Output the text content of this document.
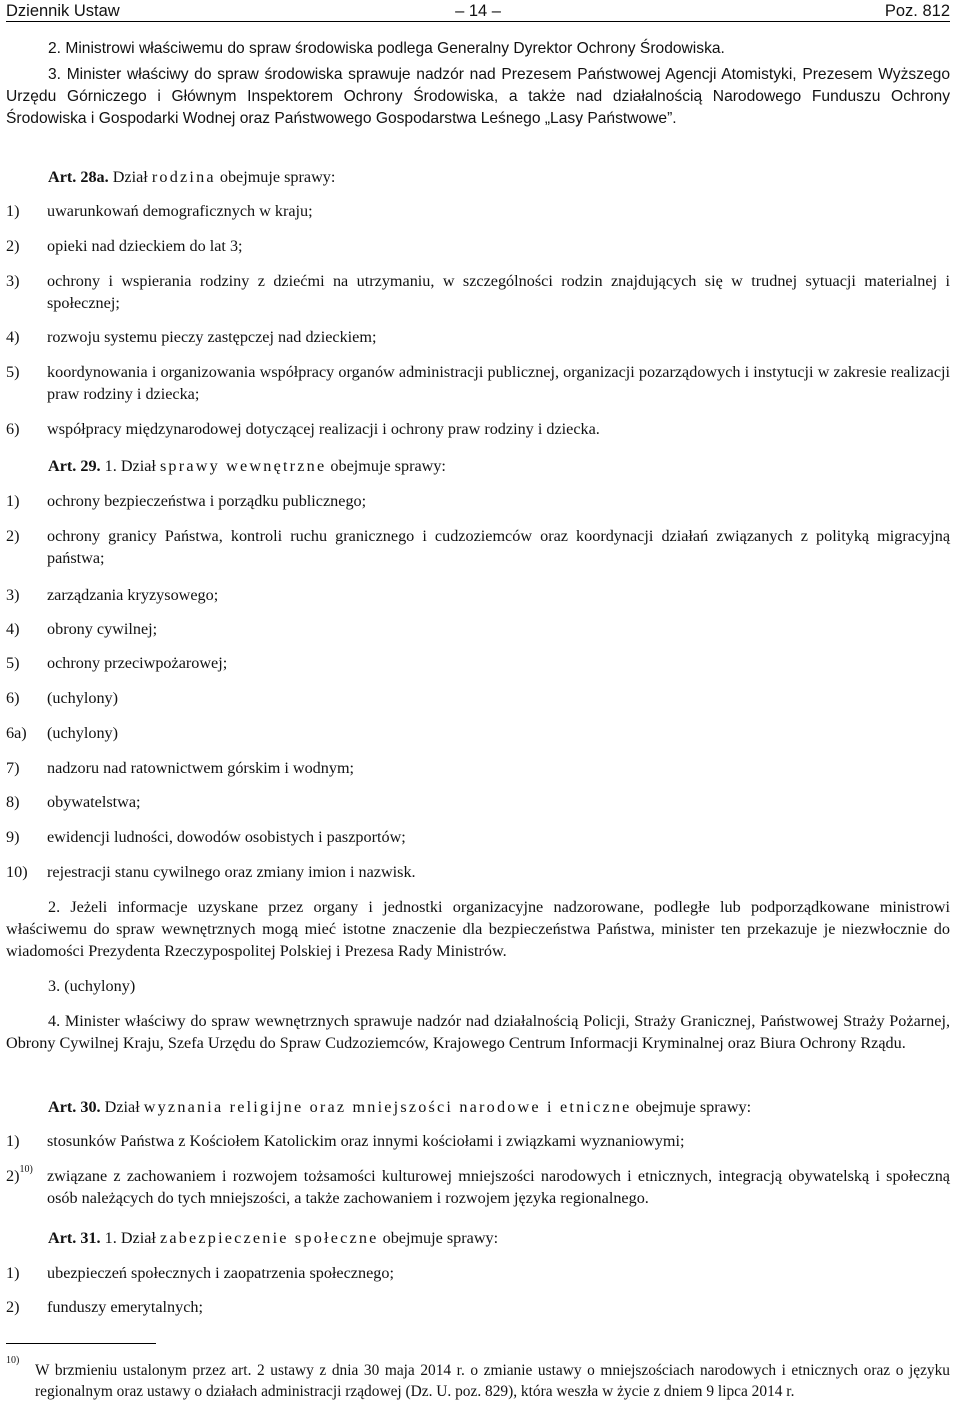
Dziennik Ustaw	– 14 –	Poz. 812
2. Ministrowi właściwemu do spraw środowiska podlega Generalny Dyrektor Ochrony Środowiska.
3. Minister właściwy do spraw środowiska sprawuje nadzór nad Prezesem Państwowej Agencji Atomistyki, Prezesem Wyższego Urzędu Górniczego i Głównym Inspektorem Ochrony Środowiska, a także nad działalnością Narodowego Funduszu Ochrony Środowiska i Gospodarki Wodnej oraz Państwowego Gospodarstwa Leśnego „Lasy Państwowe”.
Art. 28a. Dział rodzina obejmuje sprawy:
1) uwarunkowań demograficznych w kraju;
2) opieki nad dzieckiem do lat 3;
3) ochrony i wspierania rodziny z dziećmi na utrzymaniu, w szczególności rodzin znajdujących się w trudnej sytuacji materialnej i społecznej;
4) rozwoju systemu pieczy zastępczej nad dzieckiem;
5) koordynowania i organizowania współpracy organów administracji publicznej, organizacji pozarządowych i instytucji w zakresie realizacji praw rodziny i dziecka;
6) współpracy międzynarodowej dotyczącej realizacji i ochrony praw rodziny i dziecka.
Art. 29. 1. Dział sprawy wewnętrzne obejmuje sprawy:
1) ochrony bezpieczeństwa i porządku publicznego;
2) ochrony granicy Państwa, kontroli ruchu granicznego i cudzoziemców oraz koordynacji działań związanych z polityką migracyjną państwa;
3) zarządzania kryzysowego;
4) obrony cywilnej;
5) ochrony przeciwpożarowej;
6) (uchylony)
6a) (uchylony)
7) nadzoru nad ratownictwem górskim i wodnym;
8) obywatelstwa;
9) ewidencji ludności, dowodów osobistych i paszportów;
10) rejestracji stanu cywilnego oraz zmiany imion i nazwisk.
2. Jeżeli informacje uzyskane przez organy i jednostki organizacyjne nadzorowane, podległe lub podporządkowane ministrowi właściwemu do spraw wewnętrznych mogą mieć istotne znaczenie dla bezpieczeństwa Państwa, minister ten przekazuje je niezwłocznie do wiadomości Prezydenta Rzeczypospolitej Polskiej i Prezesa Rady Ministrów.
3. (uchylony)
4. Minister właściwy do spraw wewnętrznych sprawuje nadzór nad działalnością Policji, Straży Granicznej, Państwowej Straży Pożarnej, Obrony Cywilnej Kraju, Szefa Urzędu do Spraw Cudzoziemców, Krajowego Centrum Informacji Kryminalnej oraz Biura Ochrony Rządu.
Art. 30. Dział wyznania religijne oraz mniejszości narodowe i etniczne obejmuje sprawy:
1) stosunków Państwa z Kościołem Katolickim oraz innymi kościołami i związkami wyznaniowymi;
2)$^{10)}$ związane z zachowaniem i rozwojem tożsamości kulturowej mniejszości narodowych i etnicznych, integracją obywatelską i społeczną osób należących do tych mniejszości, a także zachowaniem i rozwojem języka regionalnego.
Art. 31. 1. Dział zabezpieczenie społeczne obejmuje sprawy:
1) ubezpieczeń społecznych i zaopatrzenia społecznego;
2) funduszy emerytalnych;
10)
W brzmieniu ustalonym przez art. 2 ustawy z dnia 30 maja 2014 r. o zmianie ustawy o mniejszościach narodowych i etnicznych oraz o języku regionalnym oraz ustawy o działach administracji rządowej (Dz. U. poz. 829), która weszła w życie z dniem 9 lipca 2014 r.
